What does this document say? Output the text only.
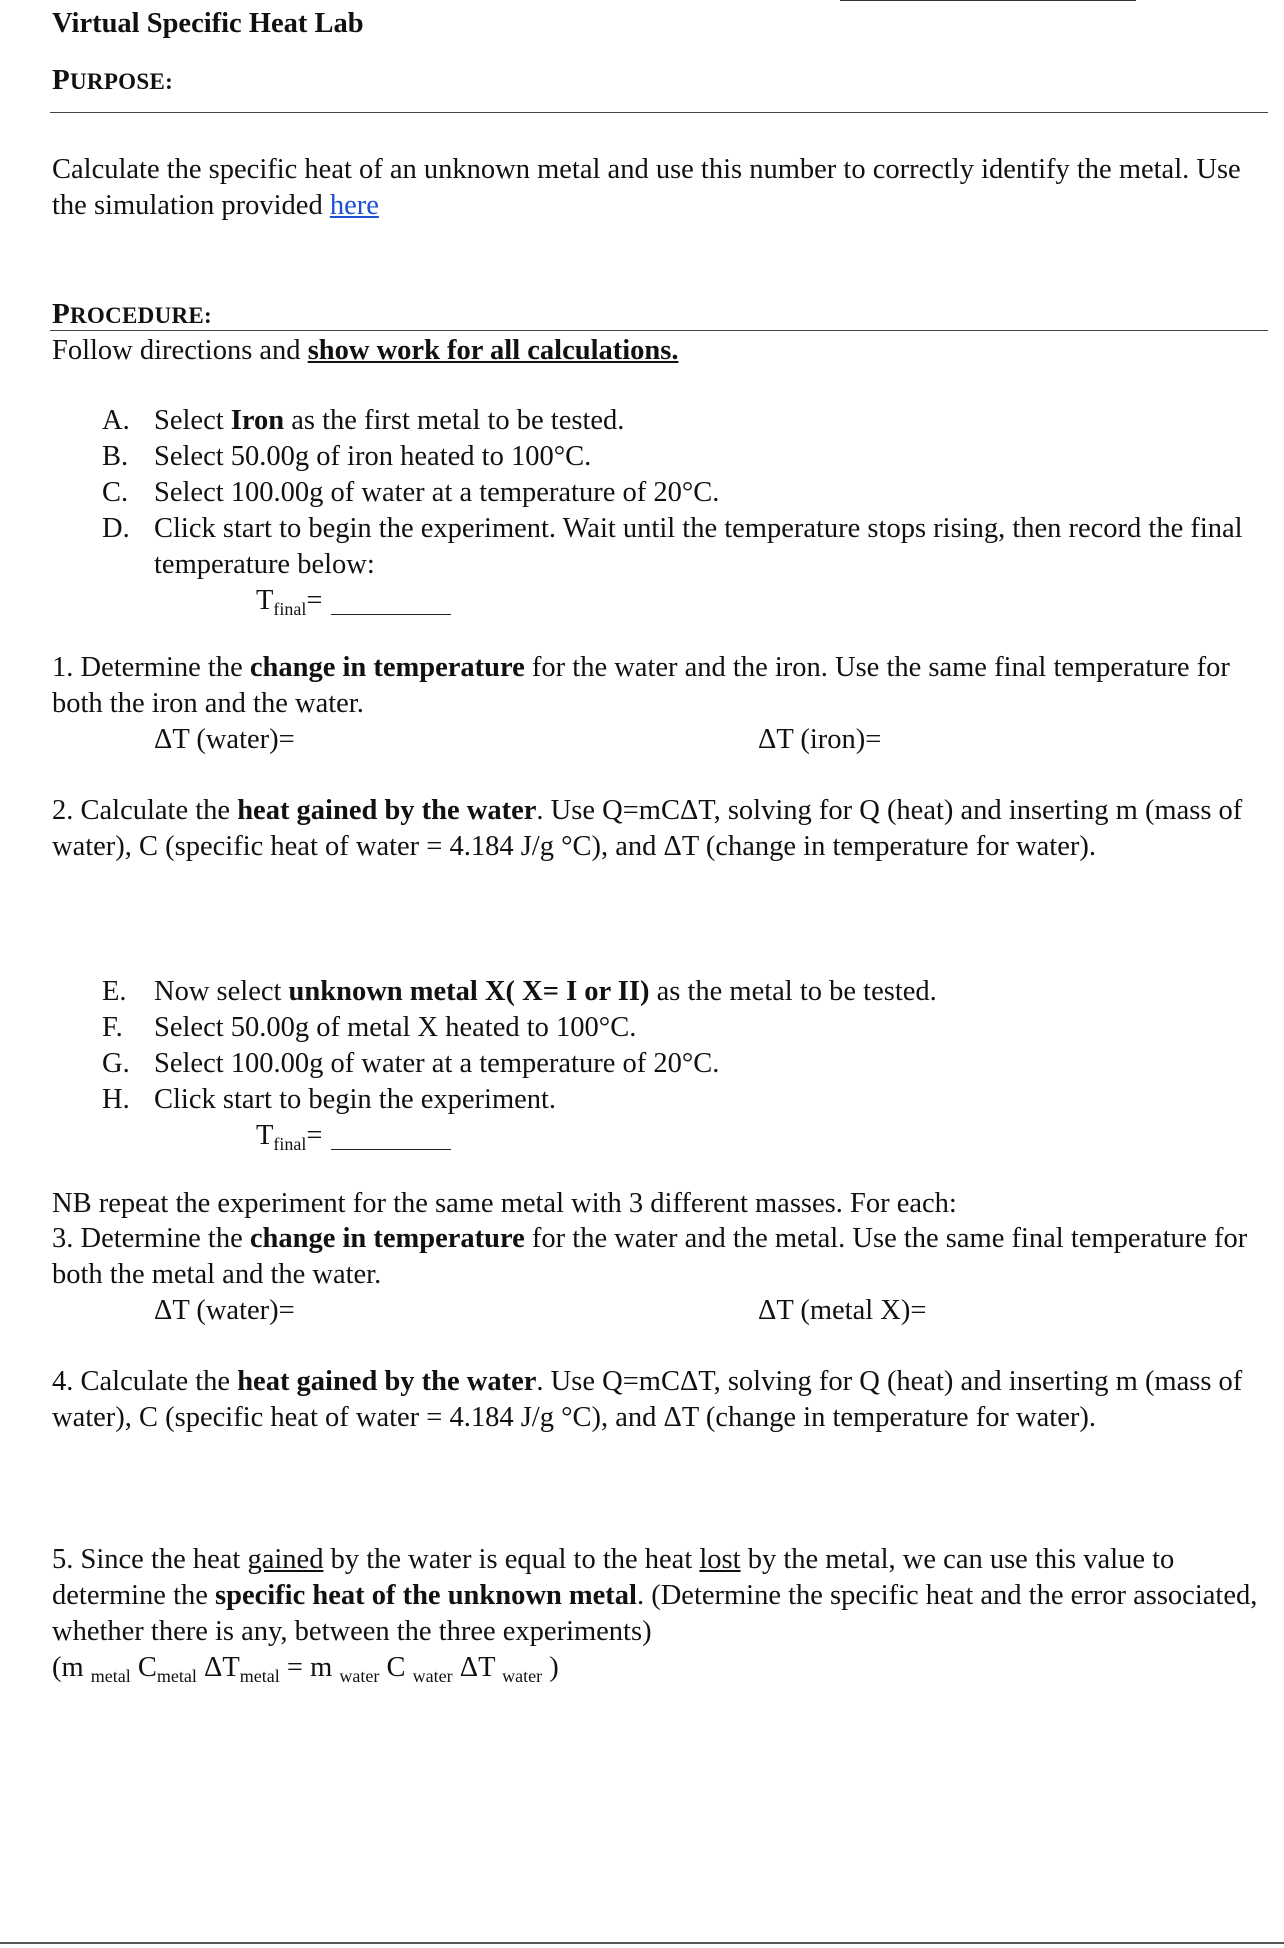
Virtual Specific Heat Lab
PURPOSE:
Calculate the specific heat of an unknown metal and use this number to correctly identify the metal. Use the simulation provided here
PROCEDURE:
Follow directions and show work for all calculations.
A. Select Iron as the first metal to be tested.
B. Select 50.00g of iron heated to 100°C.
C. Select 100.00g of water at a temperature of 20°C.
D. Click start to begin the experiment. Wait until the temperature stops rising, then record the final temperature below:
$T_{final}=$
1. Determine the change in temperature for the water and the iron. Use the same final temperature for both the iron and the water.
ΔT (water)=	ΔT (iron)=
2. Calculate the heat gained by the water. Use Q=mCΔT, solving for Q (heat) and inserting m (mass of water), C (specific heat of water = 4.184 J/g °C), and ΔT (change in temperature for water).
E. Now select unknown metal X( X= I or II) as the metal to be tested.
F.	Select 50.00g of metal X heated to 100°C.
G. Select 100.00g of water at a temperature of 20°C.
H. Click start to begin the experiment.
$T_{final}=$
NB repeat the experiment for the same metal with 3 different masses. For each:
3. Determine the change in temperature for the water and the metal. Use the same final temperature for both the metal and the water.
ΔT (water)=	ΔT (metal X)=
4. Calculate the heat gained by the water. Use Q=mCΔT, solving for Q (heat) and inserting m (mass of water), C (specific heat of water = 4.184 J/g °C), and ΔT (change in temperature for water).
5. Since the heat gained by the water is equal to the heat lost by the metal, we can use this value to determine the specific heat of the unknown metal. (Determine the specific heat and the error associated, whether there is any, between the three experiments)
(m $_{metal}$ $C_{metal}$ $\Delta T_{metal} = m$ $_{water}$ C $_{water}$ ΔT $_{water}$ )
